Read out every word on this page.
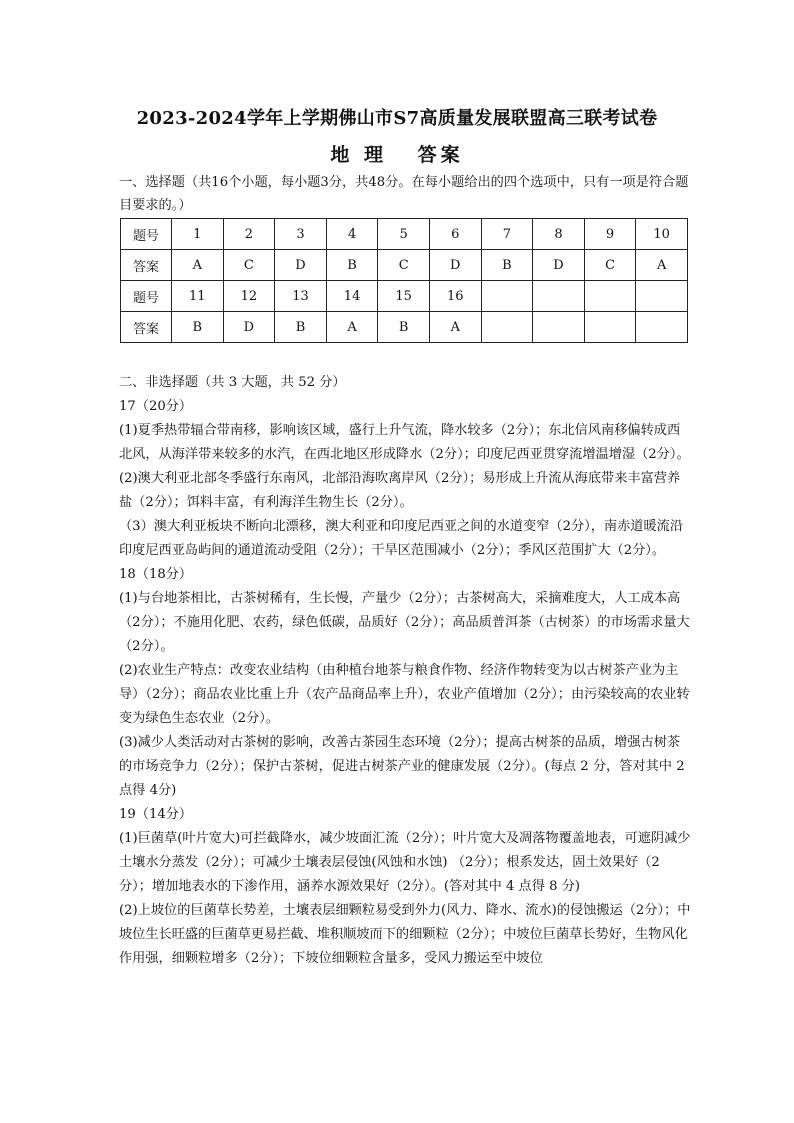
2023-2024学年上学期佛山市S7高质量发展联盟高三联考试卷
地 理 答案
一、选择题（共16个小题，每小题3分，共48分。在每小题给出的四个选项中，只有一项是符合题目要求的。）
题号	1	2	3	4	5	6	7	8	9	10
答案	A	C	D	B	C	D	B	D	C	A
题号	11	12	13	14	15	16				
答案	B	D	B	A	B	A				

二、非选择题（共 3 大题，共 52 分）

17（20分）

(1)夏季热带辐合带南移，影响该区域，盛行上升气流，降水较多（2分）；东北信风南移偏转成西北风，从海洋带来较多的水汽，在西北地区形成降水（2分）；印度尼西亚贯穿流增温增湿（2分）。

(2)澳大利亚北部冬季盛行东南风，北部沿海吹离岸风（2分）；易形成上升流从海底带来丰富营养盐（2分）；饵料丰富，有利海洋生物生长（2分）。

（3）澳大利亚板块不断向北漂移，澳大利亚和印度尼西亚之间的水道变窄（2分），南赤道暖流沿印度尼西亚岛屿间的通道流动受阻（2分）；干旱区范围减小（2分）；季风区范围扩大（2分）。

18（18分）

(1)与台地茶相比，古茶树稀有，生长慢，产量少（2分）；古茶树高大，采摘难度大，人工成本高（2分）；不施用化肥、农药，绿色低碳，品质好（2分）；高品质普洱茶（古树茶）的市场需求量大（2分）。

(2)农业生产特点：改变农业结构（由种植台地茶与粮食作物、经济作物转变为以古树茶产业为主导）（2分）；商品农业比重上升（农产品商品率上升），农业产值增加（2分）；由污染较高的农业转变为绿色生态农业（2分）。

(3)减少人类活动对古茶树的影响，改善古茶园生态环境（2分）；提高古树茶的品质，增强古树茶的市场竞争力（2分）；保护古茶树，促进古树茶产业的健康发展（2分）。(每点 2 分，答对其中 2点得 4分)

19（14分）

(1)巨菌草(叶片宽大)可拦截降水，减少坡面汇流（2分）；叶片宽大及凋落物覆盖地表，可遮阴减少土壤水分蒸发（2分）；可减少土壤表层侵蚀(风蚀和水蚀) （2分）；根系发达，固土效果好（2分）；增加地表水的下渗作用，涵养水源效果好（2分）。(答对其中 4 点得 8 分)

(2)上坡位的巨菌草长势差，土壤表层细颗粒易受到外力(风力、降水、流水)的侵蚀搬运（2分）；中坡位生长旺盛的巨菌草更易拦截、堆积顺坡而下的细颗粒（2分）；中坡位巨菌草长势好，生物风化作用强，细颗粒增多（2分）；下坡位细颗粒含量多，受风力搬运至中坡位
